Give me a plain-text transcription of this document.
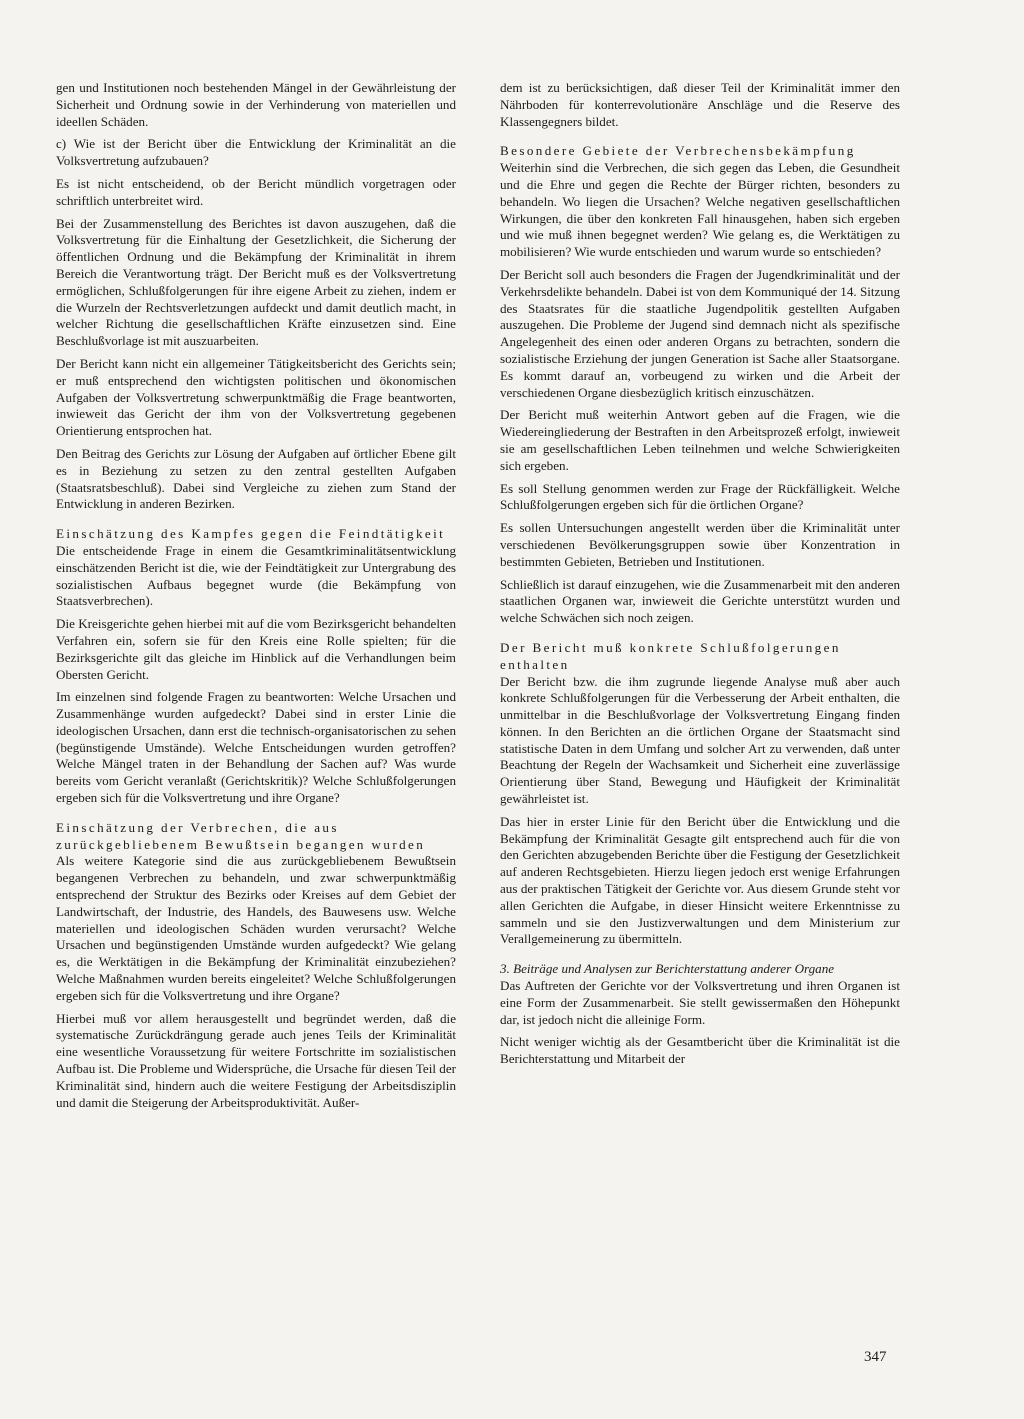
gen und Institutionen noch bestehenden Mängel in der Gewährleistung der Sicherheit und Ordnung sowie in der Verhinderung von materiellen und ideellen Schäden.

c) Wie ist der Bericht über die Entwicklung der Kriminalität an die Volksvertretung aufzubauen?

Es ist nicht entscheidend, ob der Bericht mündlich vorgetragen oder schriftlich unterbreitet wird.

Bei der Zusammenstellung des Berichtes ist davon auszugehen, daß die Volksvertretung für die Einhaltung der Gesetzlichkeit, die Sicherung der öffentlichen Ordnung und die Bekämpfung der Kriminalität in ihrem Bereich die Verantwortung trägt. Der Bericht muß es der Volksvertretung ermöglichen, Schlußfolgerungen für ihre eigene Arbeit zu ziehen, indem er die Wurzeln der Rechtsverletzungen aufdeckt und damit deutlich macht, in welcher Richtung die gesellschaftlichen Kräfte einzusetzen sind. Eine Beschlußvorlage ist mit auszuarbeiten.

Der Bericht kann nicht ein allgemeiner Tätigkeitsbericht des Gerichts sein; er muß entsprechend den wichtigsten politischen und ökonomischen Aufgaben der Volksvertretung schwerpunktmäßig die Frage beantworten, inwieweit das Gericht der ihm von der Volksvertretung gegebenen Orientierung entsprochen hat.

Den Beitrag des Gerichts zur Lösung der Aufgaben auf örtlicher Ebene gilt es in Beziehung zu setzen zu den zentral gestellten Aufgaben (Staatsratsbeschluß). Dabei sind Vergleiche zu ziehen zum Stand der Entwicklung in anderen Bezirken.

Einschätzung des Kampfes gegen die Feindtätigkeit

Die entscheidende Frage in einem die Gesamtkriminalitätsentwicklung einschätzenden Bericht ist die, wie der Feindtätigkeit zur Untergrabung des sozialistischen Aufbaus begegnet wurde (die Bekämpfung von Staatsverbrechen).

Die Kreisgerichte gehen hierbei mit auf die vom Bezirksgericht behandelten Verfahren ein, sofern sie für den Kreis eine Rolle spielten; für die Bezirksgerichte gilt das gleiche im Hinblick auf die Verhandlungen beim Obersten Gericht.

Im einzelnen sind folgende Fragen zu beantworten: Welche Ursachen und Zusammenhänge wurden aufgedeckt? Dabei sind in erster Linie die ideologischen Ursachen, dann erst die technisch-organisatorischen zu sehen (begünstigende Umstände). Welche Entscheidungen wurden getroffen? Welche Mängel traten in der Behandlung der Sachen auf? Was wurde bereits vom Gericht veranlaßt (Gerichtskritik)? Welche Schlußfolgerungen ergeben sich für die Volksvertretung und ihre Organe?

Einschätzung der Verbrechen, die aus zurückgebliebenem Bewußtsein begangen wurden

Als weitere Kategorie sind die aus zurückgebliebenem Bewußtsein begangenen Verbrechen zu behandeln, und zwar schwerpunktmäßig entsprechend der Struktur des Bezirks oder Kreises auf dem Gebiet der Landwirtschaft, der Industrie, des Handels, des Bauwesens usw. Welche materiellen und ideologischen Schäden wurden verursacht? Welche Ursachen und begünstigenden Umstände wurden aufgedeckt? Wie gelang es, die Werktätigen in die Bekämpfung der Kriminalität einzubeziehen? Welche Maßnahmen wurden bereits eingeleitet? Welche Schlußfolgerungen ergeben sich für die Volksvertretung und ihre Organe?

Hierbei muß vor allem herausgestellt und begründet werden, daß die systematische Zurückdrängung gerade auch jenes Teils der Kriminalität eine wesentliche Voraussetzung für weitere Fortschritte im sozialistischen Aufbau ist. Die Probleme und Widersprüche, die Ursache für diesen Teil der Kriminalität sind, hindern auch die weitere Festigung der Arbeitsdisziplin und damit die Steigerung der Arbeitsproduktivität. Außer-

dem ist zu berücksichtigen, daß dieser Teil der Kriminalität immer den Nährboden für konterrevolutionäre Anschläge und die Reserve des Klassengegners bildet.

Besondere Gebiete der Verbrechensbekämpfung

Weiterhin sind die Verbrechen, die sich gegen das Leben, die Gesundheit und die Ehre und gegen die Rechte der Bürger richten, besonders zu behandeln. Wo liegen die Ursachen? Welche negativen gesellschaftlichen Wirkungen, die über den konkreten Fall hinausgehen, haben sich ergeben und wie muß ihnen begegnet werden? Wie gelang es, die Werktätigen zu mobilisieren? Wie wurde entschieden und warum wurde so entschieden?

Der Bericht soll auch besonders die Fragen der Jugendkriminalität und der Verkehrsdelikte behandeln. Dabei ist von dem Kommuniqué der 14. Sitzung des Staatsrates für die staatliche Jugendpolitik gestellten Aufgaben auszugehen. Die Probleme der Jugend sind demnach nicht als spezifische Angelegenheit des einen oder anderen Organs zu betrachten, sondern die sozialistische Erziehung der jungen Generation ist Sache aller Staatsorgane. Es kommt darauf an, vorbeugend zu wirken und die Arbeit der verschiedenen Organe diesbezüglich kritisch einzuschätzen.

Der Bericht muß weiterhin Antwort geben auf die Fragen, wie die Wiedereingliederung der Bestraften in den Arbeitsprozeß erfolgt, inwieweit sie am gesellschaftlichen Leben teilnehmen und welche Schwierigkeiten sich ergeben.

Es soll Stellung genommen werden zur Frage der Rückfälligkeit. Welche Schlußfolgerungen ergeben sich für die örtlichen Organe?

Es sollen Untersuchungen angestellt werden über die Kriminalität unter verschiedenen Bevölkerungsgruppen sowie über Konzentration in bestimmten Gebieten, Betrieben und Institutionen.

Schließlich ist darauf einzugehen, wie die Zusammenarbeit mit den anderen staatlichen Organen war, inwieweit die Gerichte unterstützt wurden und welche Schwächen sich noch zeigen.

Der Bericht muß konkrete Schlußfolgerungen enthalten

Der Bericht bzw. die ihm zugrunde liegende Analyse muß aber auch konkrete Schlußfolgerungen für die Verbesserung der Arbeit enthalten, die unmittelbar in die Beschlußvorlage der Volksvertretung Eingang finden können. In den Berichten an die örtlichen Organe der Staatsmacht sind statistische Daten in dem Umfang und solcher Art zu verwenden, daß unter Beachtung der Regeln der Wachsamkeit und Sicherheit eine zuverlässige Orientierung über Stand, Bewegung und Häufigkeit der Kriminalität gewährleistet ist.

Das hier in erster Linie für den Bericht über die Entwicklung und die Bekämpfung der Kriminalität Gesagte gilt entsprechend auch für die von den Gerichten abzugebenden Berichte über die Festigung der Gesetzlichkeit auf anderen Rechtsgebieten. Hierzu liegen jedoch erst wenige Erfahrungen aus der praktischen Tätigkeit der Gerichte vor. Aus diesem Grunde steht vor allen Gerichten die Aufgabe, in dieser Hinsicht weitere Erkenntnisse zu sammeln und sie den Justizverwaltungen und dem Ministerium zur Verallgemeinerung zu übermitteln.

3. Beiträge und Analysen zur Berichterstattung anderer Organe

Das Auftreten der Gerichte vor der Volksvertretung und ihren Organen ist eine Form der Zusammenarbeit. Sie stellt gewissermaßen den Höhepunkt dar, ist jedoch nicht die alleinige Form.

Nicht weniger wichtig als der Gesamtbericht über die Kriminalität ist die Berichterstattung und Mitarbeit der

347
